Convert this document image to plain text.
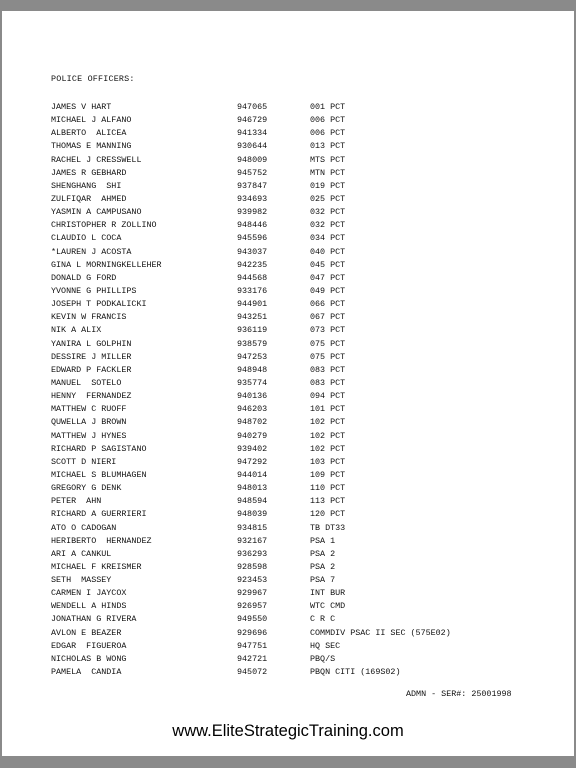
POLICE OFFICERS:
JAMES V HART	947065	001 PCT
MICHAEL J ALFANO	946729	006 PCT
ALBERTO  ALICEA	941334	006 PCT
THOMAS E MANNING	930644	013 PCT
RACHEL J CRESSWELL	948009	MTS PCT
JAMES R GEBHARD	945752	MTN PCT
SHENGHANG  SHI	937847	019 PCT
ZULFIQAR  AHMED	934693	025 PCT
YASMIN A CAMPUSANO	939982	032 PCT
CHRISTOPHER R ZOLLINO	948446	032 PCT
CLAUDIO L COCA	945596	034 PCT
*LAUREN J ACOSTA	943037	040 PCT
GINA L MORNINGKELLEHER	942235	045 PCT
DONALD G FORD	944568	047 PCT
YVONNE G PHILLIPS	933176	049 PCT
JOSEPH T PODKALICKI	944901	066 PCT
KEVIN W FRANCIS	943251	067 PCT
NIK A ALIX	936119	073 PCT
YANIRA L GOLPHIN	938579	075 PCT
DESSIRE J MILLER	947253	075 PCT
EDWARD P FACKLER	948948	083 PCT
MANUEL  SOTELO	935774	083 PCT
HENNY  FERNANDEZ	940136	094 PCT
MATTHEW C RUOFF	946203	101 PCT
QUWELLA J BROWN	948702	102 PCT
MATTHEW J HYNES	940279	102 PCT
RICHARD P SAGISTANO	939402	102 PCT
SCOTT D NIERI	947292	103 PCT
MICHAEL S BLUMHAGEN	944014	109 PCT
GREGORY G DENK	948013	110 PCT
PETER  AHN	948594	113 PCT
RICHARD A GUERRIERI	948039	120 PCT
ATO O CADOGAN	934815	TB DT33
HERIBERTO  HERNANDEZ	932167	PSA 1
ARI A CANKUL	936293	PSA 2
MICHAEL F KREISMER	928598	PSA 2
SETH  MASSEY	923453	PSA 7
CARMEN I JAYCOX	929967	INT BUR
WENDELL A HINDS	926957	WTC CMD
JONATHAN G RIVERA	949550	C R C
AVLON E BEAZER	929696	COMMDIV PSAC II SEC (575E02)
EDGAR  FIGUEROA	947751	HQ SEC
NICHOLAS B WONG	942721	PBQ/S
PAMELA  CANDIA	945072	PBQN CITI (169S02)
ADMN - SER#: 25001998
www.EliteStrategicTraining.com
